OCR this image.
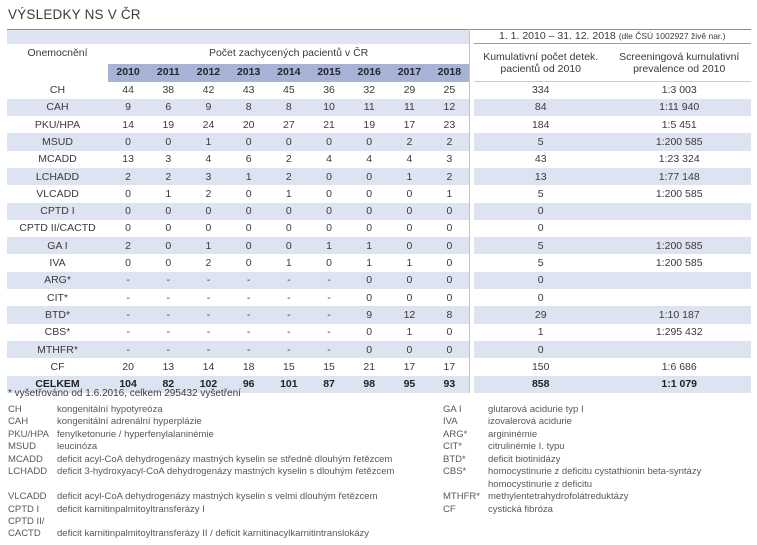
VÝSLEDKY NS V ČR
											1. 1. 2010 – 31. 12. 2018 (dle ČSÚ 1002927 živě nar.)	
Onemocnění	Počet zachycených pacientů v ČR										Kumulativní počet detek.
pacientů od 2010	Screeningová kumulativní
prevalence od 2010
	2010	2011	2012	2013	2014	2015	2016	2017	2018			
CH	44	38	42	43	45	36	32	29	25		334	1:3 003
CAH	9	6	9	8	8	10	11	11	12		84	1:11 940
PKU/HPA	14	19	24	20	27	21	19	17	23		184	1:5 451
MSUD	0	0	1	0	0	0	0	2	2		5	1:200 585
MCADD	13	3	4	6	2	4	4	4	3		43	1:23 324
LCHADD	2	2	3	1	2	0	0	1	2		13	1:77 148
VLCADD	0	1	2	0	1	0	0	0	1		5	1:200 585
CPTD I	0	0	0	0	0	0	0	0	0		0	
CPTD II/CACTD	0	0	0	0	0	0	0	0	0		0	
GA I	2	0	1	0	0	1	1	0	0		5	1:200 585
IVA	0	0	2	0	1	0	1	1	0		5	1:200 585
ARG*	-	-	-	-	-	-	0	0	0		0	
CIT*	-	-	-	-	-	-	0	0	0		0	
BTD*	-	-	-	-	-	-	9	12	8		29	1:10 187
CBS*	-	-	-	-	-	-	0	1	0		1	1:295 432
MTHFR*	-	-	-	-	-	-	0	0	0		0	
CF	20	13	14	18	15	15	21	17	17		150	1:6 686
CELKEM	104	82	102	96	101	87	98	95	93		858	1:1 079
* vyšetřováno od 1.6.2016, celkem 295432 vyšetření
CH	kongenitální hypotyreóza	GA I	glutarová acidurie typ I
CAH	kongenitální adrenální hyperplázie	IVA	izovalerová acidurie
PKU/HPA fenylketonurie / hyperfenylalaninémie	ARG*	argininémie
MSUD	leucinóza	CIT*	citrulinémie I. typu
MCADD	deficit acyl-CoA dehydrogenázy mastných kyselin se středně dlouhým řetězcem	BTD*	deficit biotinidázy
LCHADD	deficit 3-hydroxyacyl-CoA dehydrogenázy mastných kyselin s dlouhým řetězcem	CBS*	homocystinurie z deficitu cystathionin beta-syntázy
homocystinurie z deficitu
VLCADD	deficit acyl-CoA dehydrogenázy mastných kyselin s velmi dlouhým řetězcem	MTHFR* methylentetrahydrofolátreduktázy
CPTD I	deficit karnitinpalmitoyltransferázy I	CF	cystická fibróza
CPTD II/
CACTD	deficit karnitinpalmitoyltransferázy II / deficit karnitinacylkarnitintranslokázy
